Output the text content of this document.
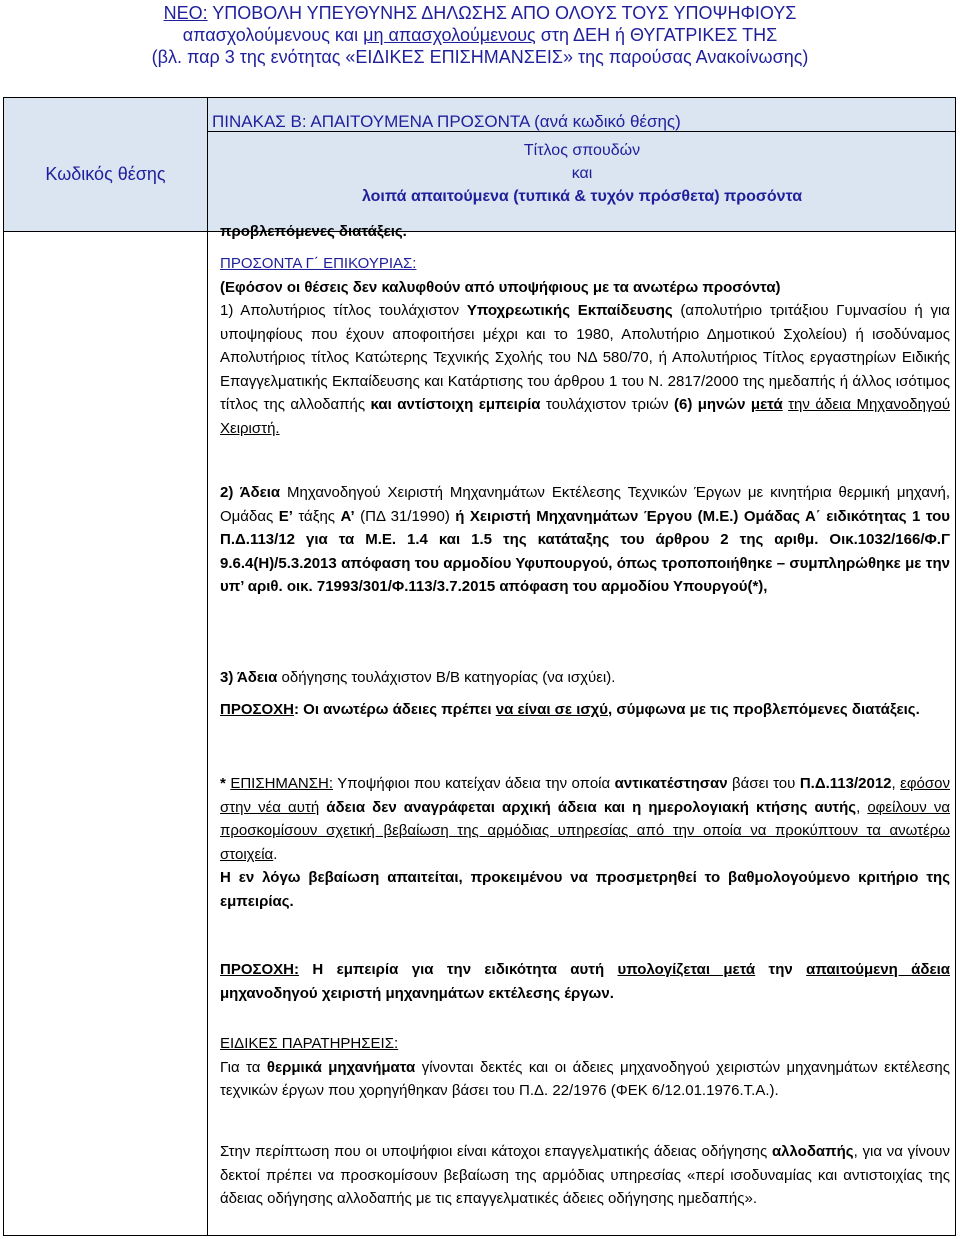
ΝΕΟ: ΥΠΟΒΟΛΗ ΥΠΕΥΘΥΝΗΣ ΔΗΛΩΣΗΣ ΑΠΟ ΟΛΟΥΣ ΤΟΥΣ ΥΠΟΨΗΦΙΟΥΣ
απασχολούμενους και μη απασχολούμενους στη ΔΕΗ ή ΘΥΓΑΤΡΙΚΕΣ ΤΗΣ
(βλ. παρ 3 της ενότητας «ΕΙΔΙΚΕΣ ΕΠΙΣΗΜΑΝΣΕΙΣ» της παρούσας Ανακοίνωσης)

ΠΙΝΑΚΑΣ Β: ΑΠΑΙΤΟΥΜΕΝΑ ΠΡΟΣΟΝΤΑ (ανά κωδικό θέσης)
Κωδικός θέσης
Τίτλος σπουδών
και
λοιπά απαιτούμενα (τυπικά & τυχόν πρόσθετα) προσόντα
προβλεπόμενες διατάξεις.
ΠΡΟΣΟΝΤΑ Γ΄ ΕΠΙΚΟΥΡΙΑΣ:
(Εφόσον οι θέσεις δεν καλυφθούν από υποψήφιους με τα ανωτέρω προσόντα)
1) Απολυτήριος τίτλος τουλάχιστον Υποχρεωτικής Εκπαίδευσης (απολυτήριο τριτάξιου Γυμνασίου ή για υποψηφίους που έχουν αποφοιτήσει μέχρι και το 1980, Απολυτήριο Δημοτικού Σχολείου) ή ισοδύναμος Απολυτήριος τίτλος Κατώτερης Τεχνικής Σχολής του ΝΔ 580/70, ή Απολυτήριος Τίτλος εργαστηρίων Ειδικής Επαγγελματικής Εκπαίδευσης και Κατάρτισης του άρθρου 1 του Ν. 2817/2000 της ημεδαπής ή άλλος ισότιμος τίτλος της αλλοδαπής και αντίστοιχη εμπειρία τουλάχιστον τριών (6) μηνών μετά την άδεια Μηχανοδηγού Χειριστή.
2) Άδεια Μηχανοδηγού Χειριστή Μηχανημάτων Εκτέλεσης Τεχνικών Έργων με κινητήρια θερμική μηχανή, Ομάδας Ε’ τάξης Α’ (ΠΔ 31/1990) ή Χειριστή Μηχανημάτων Έργου (Μ.Ε.) Ομάδας Α΄ ειδικότητας 1 του Π.Δ.113/12 για τα Μ.Ε. 1.4 και 1.5 της κατάταξης του άρθρου 2 της αριθμ. Οικ.1032/166/Φ.Γ 9.6.4(Η)/5.3.2013 απόφαση του αρμοδίου Υφυπουργού, όπως τροποποιήθηκε – συμπληρώθηκε με την υπ’ αριθ. οικ. 71993/301/Φ.113/3.7.2015 απόφαση του αρμοδίου Υπουργού(*),
3) Άδεια οδήγησης τουλάχιστον Β/Β κατηγορίας (να ισχύει).
ΠΡΟΣΟΧΗ: Οι ανωτέρω άδειες πρέπει να είναι σε ισχύ, σύμφωνα με τις προβλεπόμενες διατάξεις.
* ΕΠΙΣΗΜΑΝΣΗ: Υποψήφιοι που κατείχαν άδεια την οποία αντικατέστησαν βάσει του Π.Δ.113/2012, εφόσον στην νέα αυτή άδεια δεν αναγράφεται αρχική άδεια και η ημερολογιακή κτήσης αυτής, οφείλουν να προσκομίσουν σχετική βεβαίωση της αρμόδιας υπηρεσίας από την οποία να προκύπτουν τα ανωτέρω στοιχεία.
Η εν λόγω βεβαίωση απαιτείται, προκειμένου να προσμετρηθεί το βαθμολογούμενο κριτήριο της εμπειρίας.
ΠΡΟΣΟΧΗ: Η εμπειρία για την ειδικότητα αυτή υπολογίζεται μετά την απαιτούμενη άδεια μηχανοδηγού χειριστή μηχανημάτων εκτέλεσης έργων.
ΕΙΔΙΚΕΣ ΠΑΡΑΤΗΡΗΣΕΙΣ:
Για τα θερμικά μηχανήματα γίνονται δεκτές και οι άδειες μηχανοδηγού χειριστών μηχανημάτων εκτέλεσης τεχνικών έργων που χορηγήθηκαν βάσει του Π.Δ. 22/1976 (ΦΕΚ 6/12.01.1976.Τ.Α.).
Στην περίπτωση που οι υποψήφιοι είναι κάτοχοι επαγγελματικής άδειας οδήγησης αλλοδαπής, για να γίνουν δεκτοί πρέπει να προσκομίσουν βεβαίωση της αρμόδιας υπηρεσίας «περί ισοδυναμίας και αντιστοιχίας της άδειας οδήγησης αλλοδαπής με τις επαγγελματικές άδειες οδήγησης ημεδαπής».
